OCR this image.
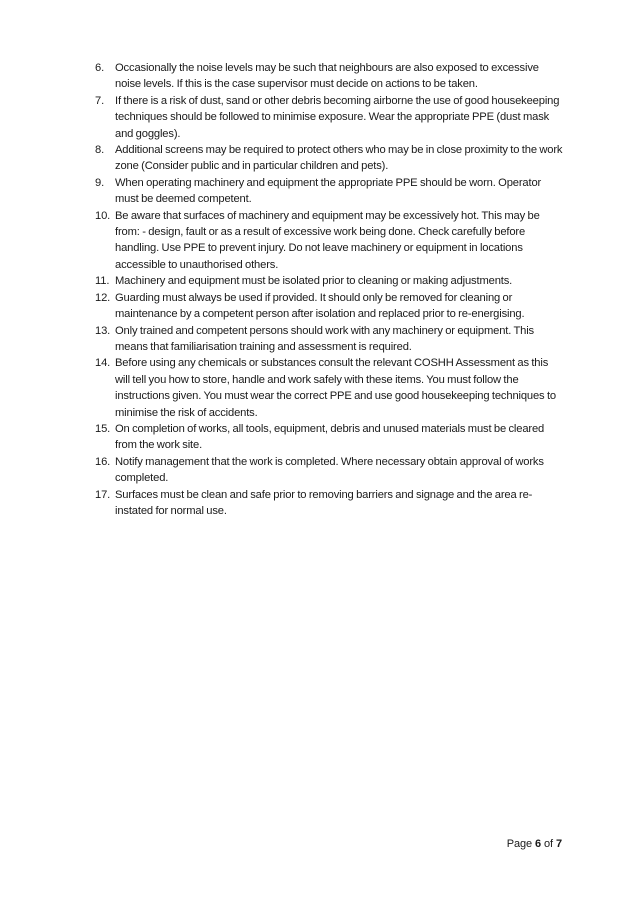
6. Occasionally the noise levels may be such that neighbours are also exposed to excessive noise levels. If this is the case supervisor must decide on actions to be taken.
7. If there is a risk of dust, sand or other debris becoming airborne the use of good housekeeping techniques should be followed to minimise exposure. Wear the appropriate PPE (dust mask and goggles).
8. Additional screens may be required to protect others who may be in close proximity to the work zone (Consider public and in particular children and pets).
9. When operating machinery and equipment the appropriate PPE should be worn. Operator must be deemed competent.
10. Be aware that surfaces of machinery and equipment may be excessively hot. This may be from: - design, fault or as a result of excessive work being done. Check carefully before handling. Use PPE to prevent injury. Do not leave machinery or equipment in locations accessible to unauthorised others.
11. Machinery and equipment must be isolated prior to cleaning or making adjustments.
12. Guarding must always be used if provided. It should only be removed for cleaning or maintenance by a competent person after isolation and replaced prior to re-energising.
13. Only trained and competent persons should work with any machinery or equipment. This means that familiarisation training and assessment is required.
14. Before using any chemicals or substances consult the relevant COSHH Assessment as this will tell you how to store, handle and work safely with these items. You must follow the instructions given. You must wear the correct PPE and use good housekeeping techniques to minimise the risk of accidents.
15. On completion of works, all tools, equipment, debris and unused materials must be cleared from the work site.
16. Notify management that the work is completed. Where necessary obtain approval of works completed.
17. Surfaces must be clean and safe prior to removing barriers and signage and the area re-instated for normal use.
Page 6 of 7
